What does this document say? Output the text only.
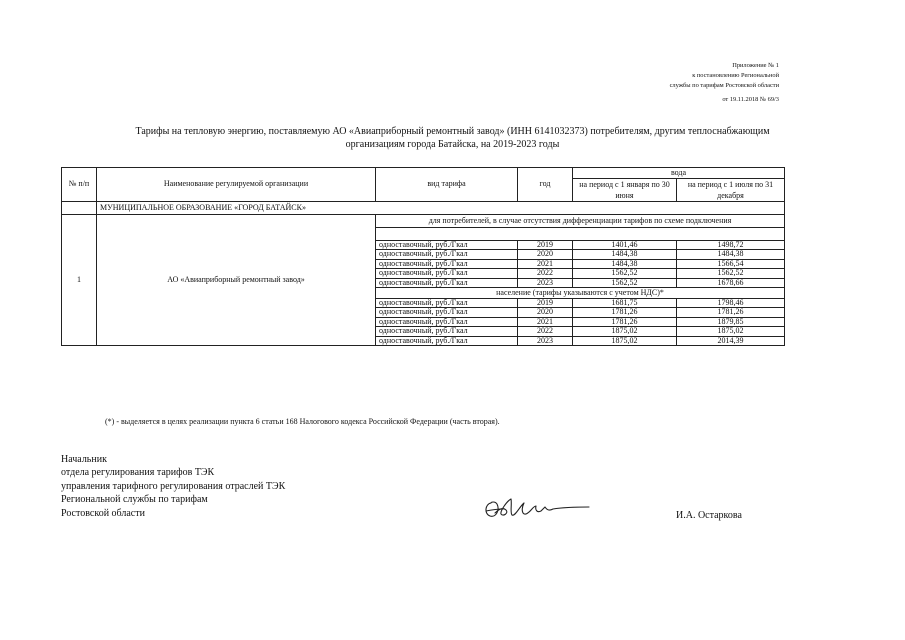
Приложение № 1
к постановлению Региональной
службы по тарифам Ростовской области
от 19.11.2018 № 69/3
Тарифы на тепловую энергию, поставляемую АО «Авиаприборный ремонтный завод» (ИНН 6141032373) потребителям, другим теплоснабжающим
организациям города Батайска, на 2019-2023 годы
№ п/п	Наименование регулируемой организации	вид тарифа	год	вода	
				на период с 1 января по 30 июня	на период с 1 июля по 31 декабря
	МУНИЦИПАЛЬНОЕ ОБРАЗОВАНИЕ «ГОРОД БАТАЙСК»				
1	АО «Авиаприборный ремонтный завод»	для потребителей, в случае отсутствия дифференциации тарифов по схеме подключения			

		одноставочный, руб./Гкал	2019	1401,46	1498,72
		одноставочный, руб./Гкал	2020	1484,38	1484,38
		одноставочный, руб./Гкал	2021	1484,38	1566,54
		одноставочный, руб./Гкал	2022	1562,52	1562,52
		одноставочный, руб./Гкал	2023	1562,52	1678,66
		население (тарифы указываются с учетом НДС)*			
		одноставочный, руб./Гкал	2019	1681,75	1798,46
		одноставочный, руб./Гкал	2020	1781,26	1781,26
		одноставочный, руб./Гкал	2021	1781,26	1879,85
		одноставочный, руб./Гкал	2022	1875,02	1875,02
		одноставочный, руб./Гкал	2023	1875,02	2014,39
(*) - выделяется в целях реализации пункта 6 статьи 168 Налогового кодекса Российской Федерации (часть вторая).
Начальник
отдела регулирования тарифов ТЭК
управления тарифного регулирования отраслей ТЭК
Региональной службы по тарифам
Ростовской области	И.А. Остаркова
